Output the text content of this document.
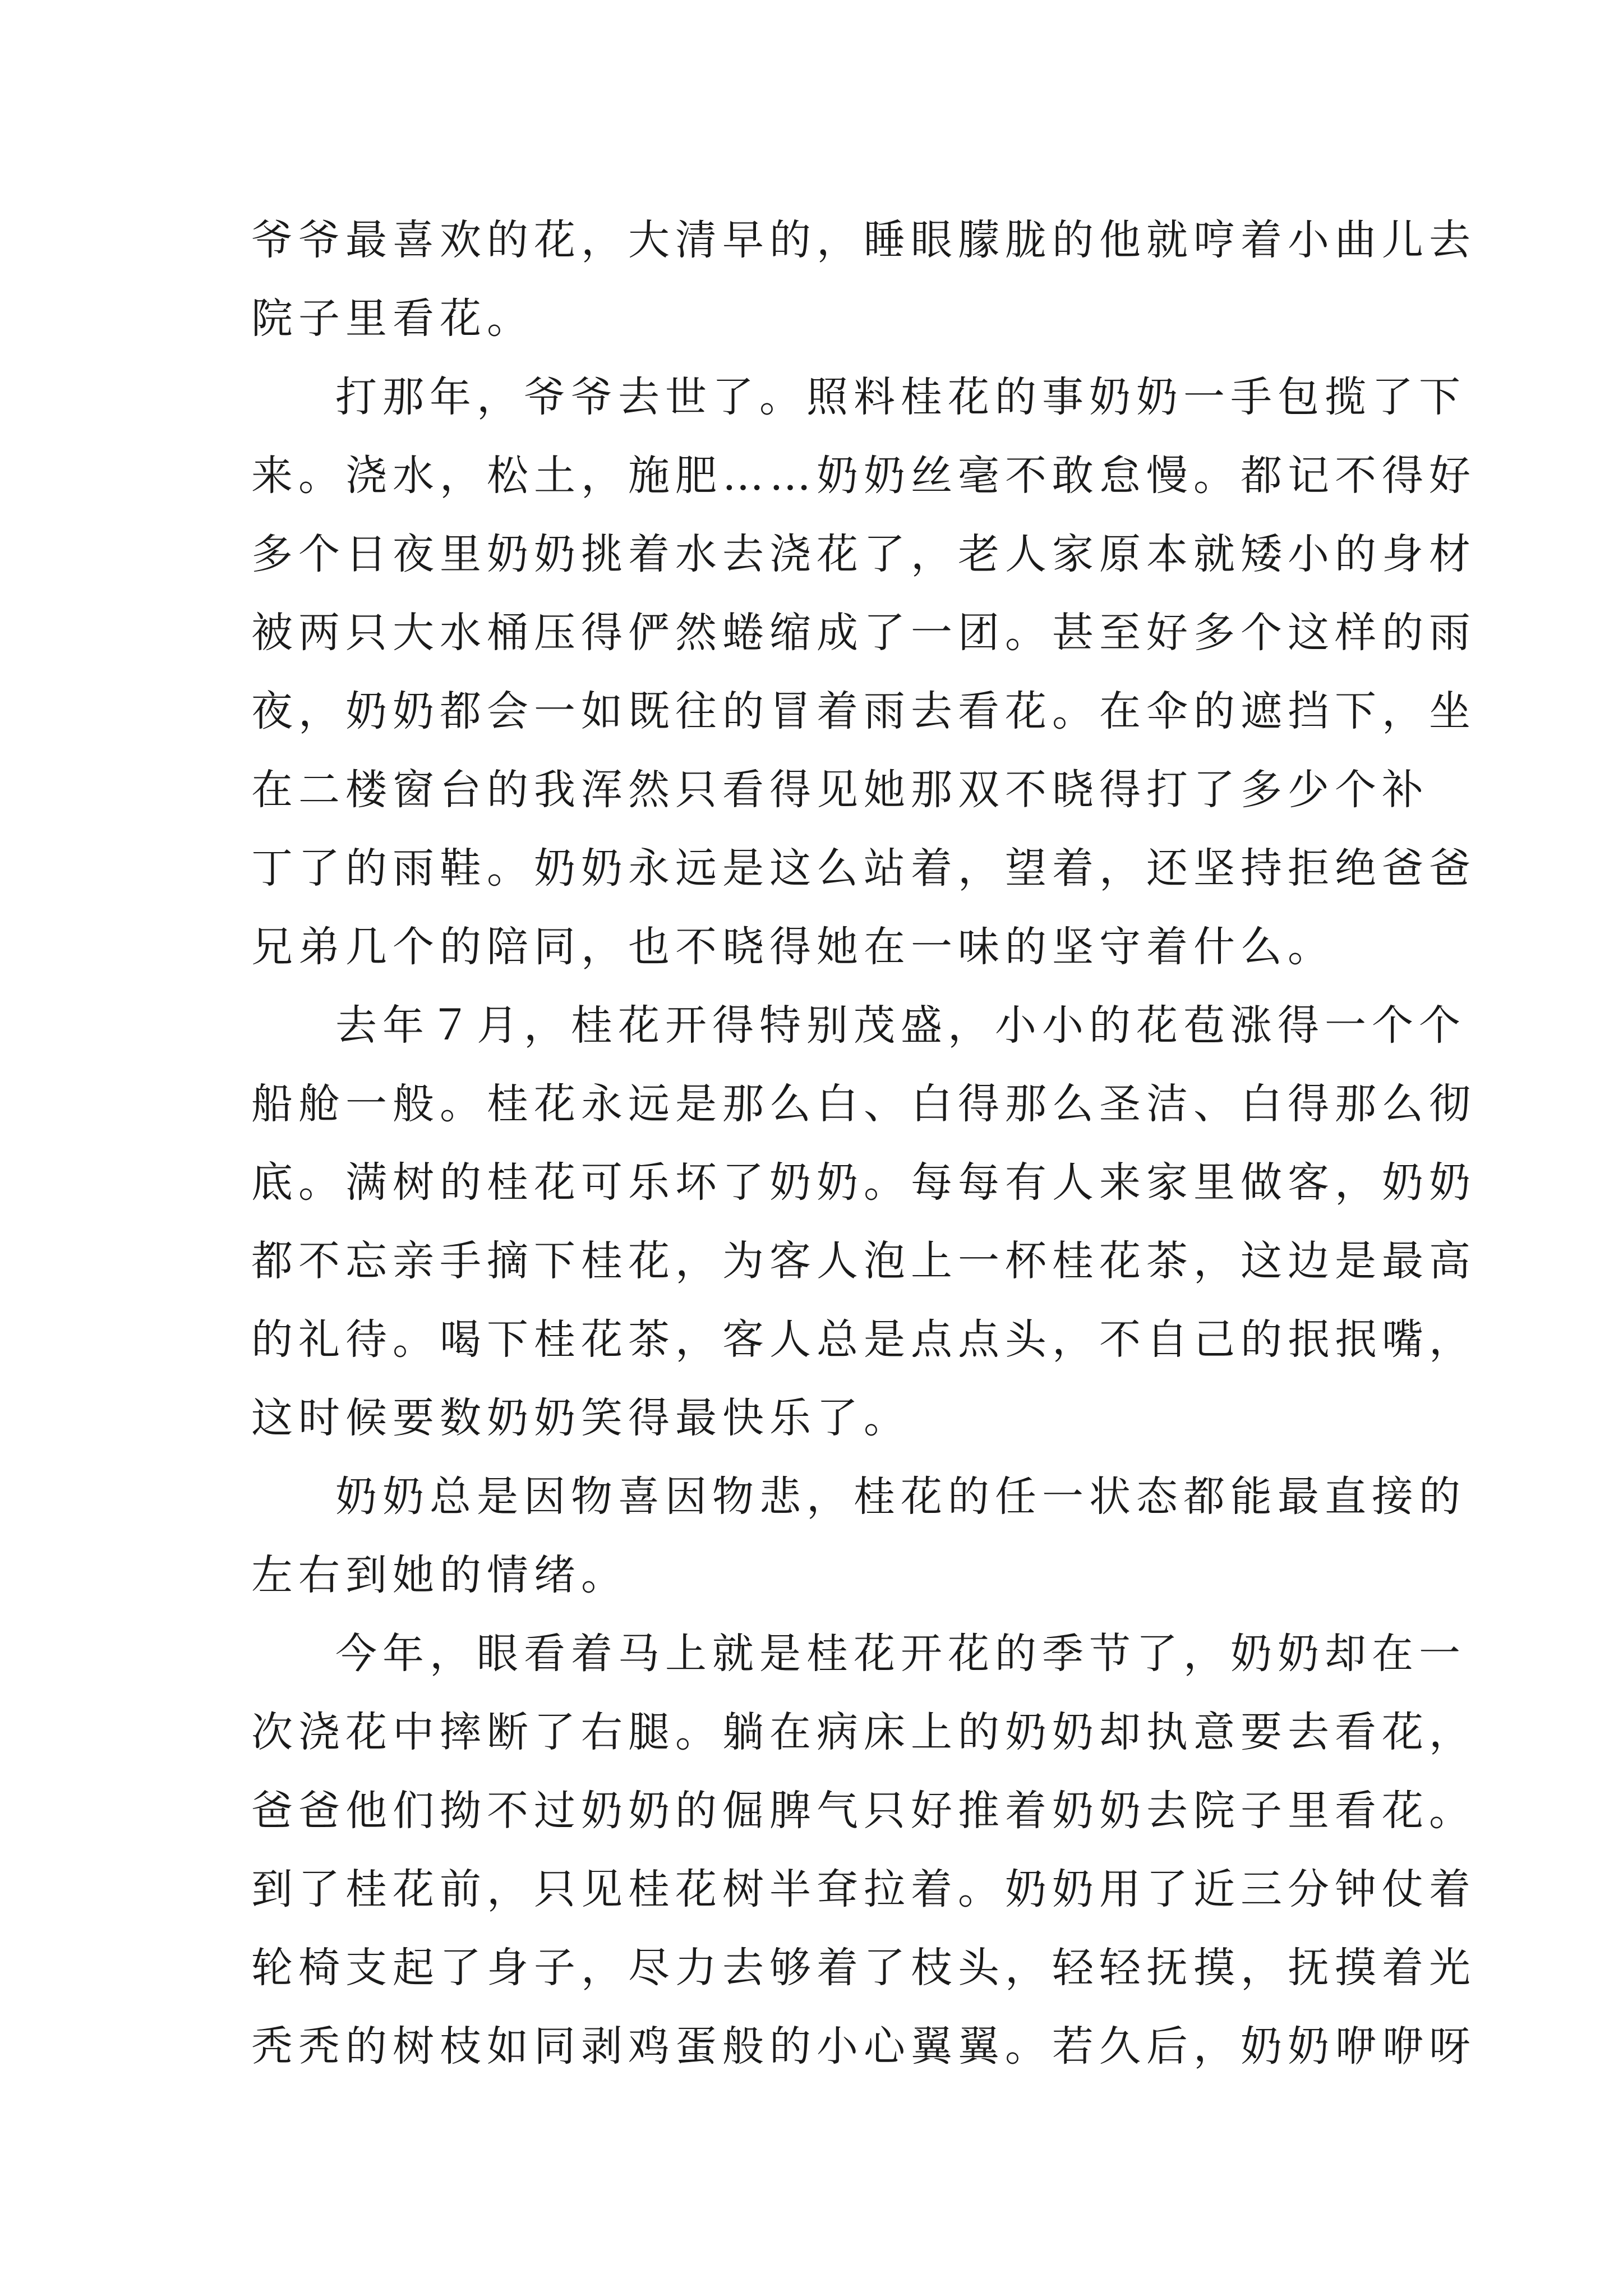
爷爷最喜欢的花，大清早的，睡眼朦胧的他就哼着小曲儿去
院子里看花。
打那年，爷爷去世了。照料桂花的事奶奶一手包揽了下
来。浇水，松土，施肥……奶奶丝毫不敢怠慢。都记不得好
多个日夜里奶奶挑着水去浇花了，老人家原本就矮小的身材
被两只大水桶压得俨然蜷缩成了一团。甚至好多个这样的雨
夜，奶奶都会一如既往的冒着雨去看花。在伞的遮挡下，坐
在二楼窗台的我浑然只看得见她那双不晓得打了多少个补
丁了的雨鞋。奶奶永远是这么站着，望着，还坚持拒绝爸爸
兄弟几个的陪同，也不晓得她在一味的坚守着什么。
去年７月，桂花开得特别茂盛，小小的花苞涨得一个个
船舱一般。桂花永远是那么白、白得那么圣洁、白得那么彻
底。满树的桂花可乐坏了奶奶。每每有人来家里做客，奶奶
都不忘亲手摘下桂花，为客人泡上一杯桂花茶，这边是最高
的礼待。喝下桂花茶，客人总是点点头，不自己的抿抿嘴，
这时候要数奶奶笑得最快乐了。
奶奶总是因物喜因物悲，桂花的任一状态都能最直接的
左右到她的情绪。
今年，眼看着马上就是桂花开花的季节了，奶奶却在一
次浇花中摔断了右腿。躺在病床上的奶奶却执意要去看花，
爸爸他们拗不过奶奶的倔脾气只好推着奶奶去院子里看花。
到了桂花前，只见桂花树半耷拉着。奶奶用了近三分钟仗着
轮椅支起了身子，尽力去够着了枝头，轻轻抚摸，抚摸着光
秃秃的树枝如同剥鸡蛋般的小心翼翼。若久后，奶奶咿咿呀
